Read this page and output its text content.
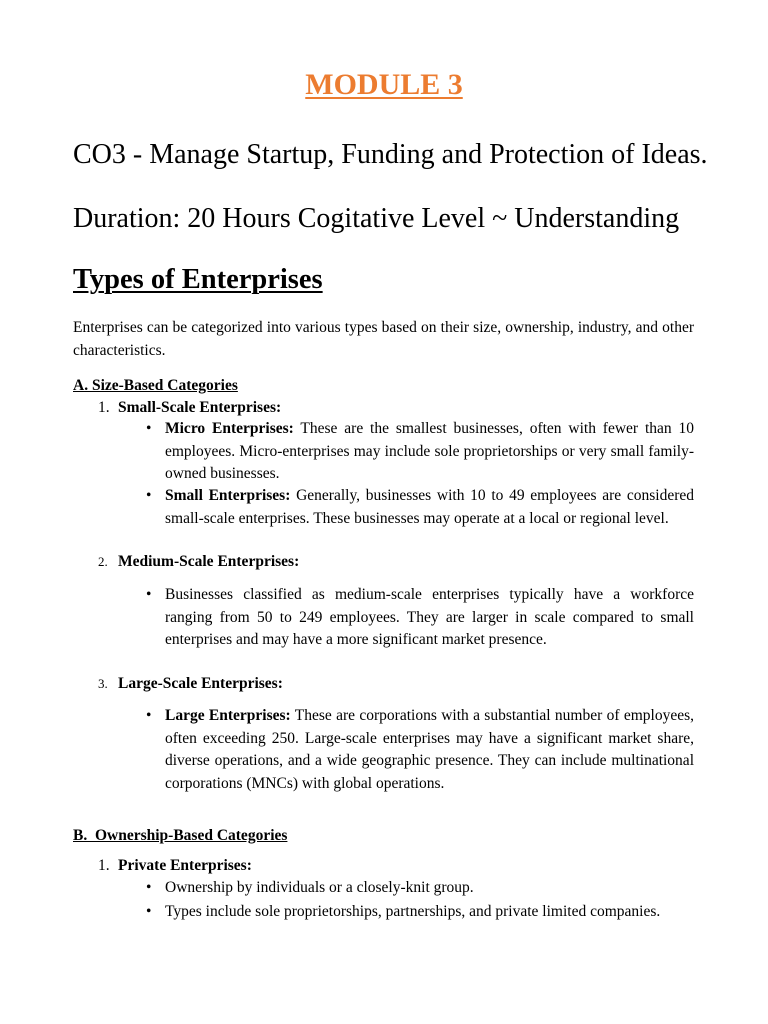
MODULE 3

CO3 - Manage Startup, Funding and Protection of Ideas.

Duration: 20 Hours Cogitative Level ~ Understanding

Types of Enterprises

Enterprises can be categorized into various types based on their size, ownership, industry, and other characteristics.

A. Size-Based Categories

1. Small-Scale Enterprises:

• Micro Enterprises: These are the smallest businesses, often with fewer than 10 employees. Micro-enterprises may include sole proprietorships or very small family-owned businesses.
• Small Enterprises: Generally, businesses with 10 to 49 employees are considered small-scale enterprises. These businesses may operate at a local or regional level.

2. Medium-Scale Enterprises:

• Businesses classified as medium-scale enterprises typically have a workforce ranging from 50 to 249 employees. They are larger in scale compared to small enterprises and may have a more significant market presence.

3. Large-Scale Enterprises:

• Large Enterprises: These are corporations with a substantial number of employees, often exceeding 250. Large-scale enterprises may have a significant market share, diverse operations, and a wide geographic presence. They can include multinational corporations (MNCs) with global operations.

B.  Ownership-Based Categories

1. Private Enterprises:

• Ownership by individuals or a closely-knit group.
• Types include sole proprietorships, partnerships, and private limited companies.
